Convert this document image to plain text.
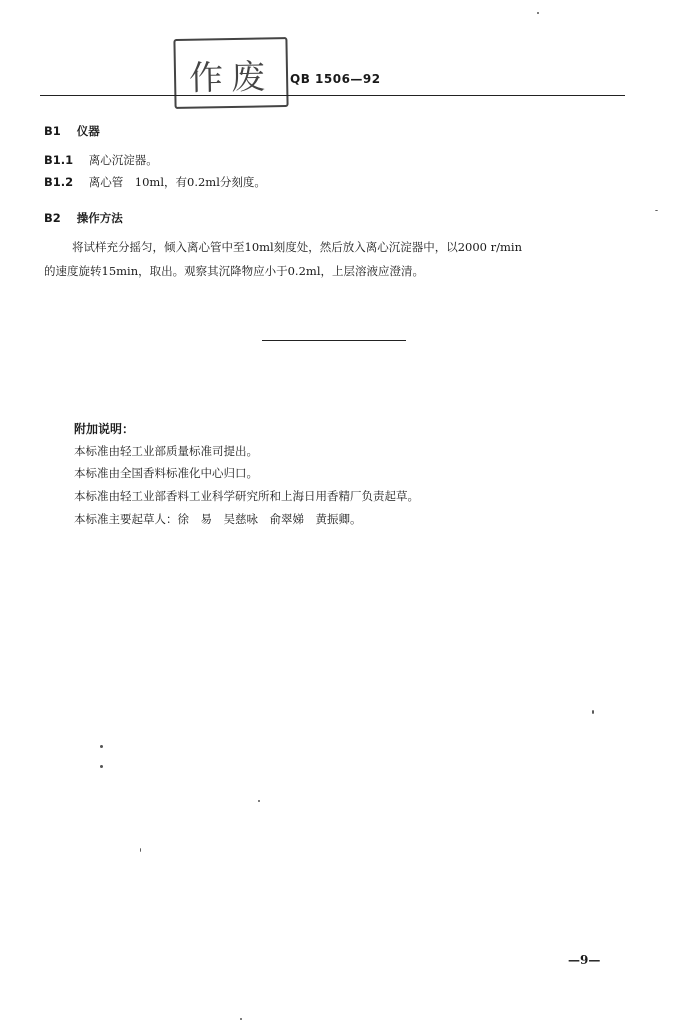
作废	QB 1506—92
B1 仪器
B1.1 离心沉淀器。
B1.2 离心管　10ml，有0.2ml分刻度。
B2 操作方法
将试样充分摇匀，倾入离心管中至10ml刻度处，然后放入离心沉淀器中，以2000 r/min
的速度旋转15min，取出。观察其沉降物应小于0.2ml，上层溶液应澄清。
附加说明：
本标准由轻工业部质量标准司提出。
本标准由全国香料标准化中心归口。
本标准由轻工业部香料工业科学研究所和上海日用香精厂负责起草。
本标准主要起草人：徐　易　吴慈咏　俞翠娣　黄振卿。
—9—
